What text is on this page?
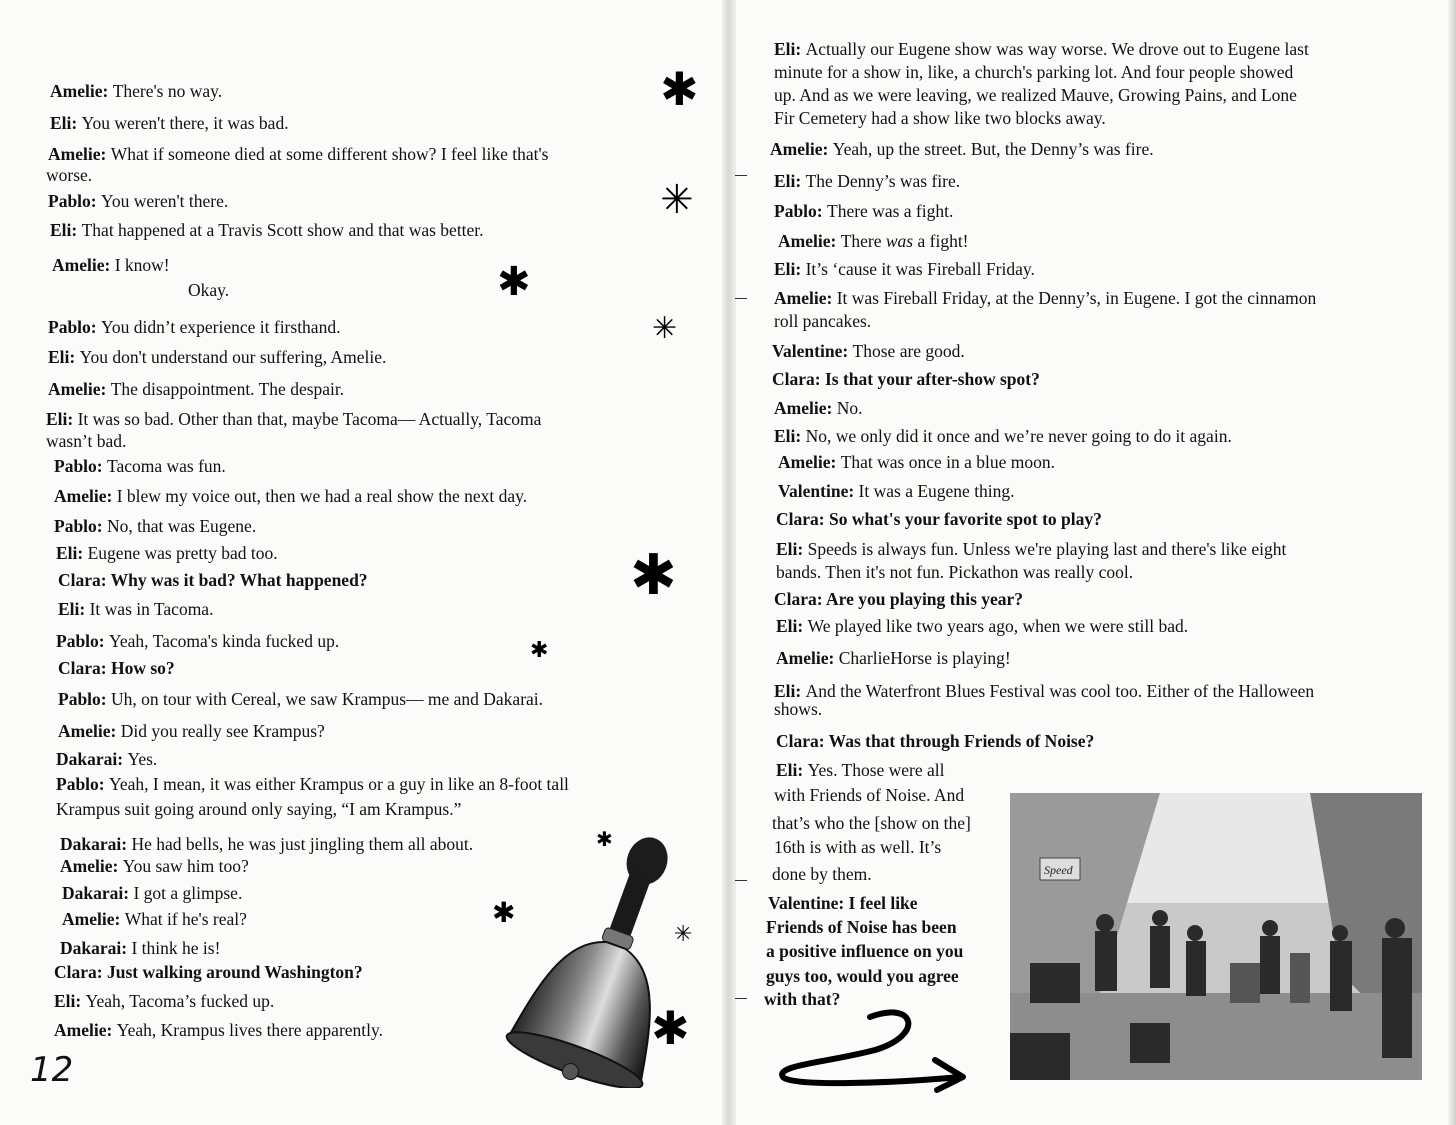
Amelie: There's no way.
Eli: You weren't there, it was bad.
Amelie: What if someone died at some different show? I feel like that's
worse.
Pablo: You weren't there.
Eli: That happened at a Travis Scott show and that was better.
Amelie: I know!
Okay.
Pablo: You didn’t experience it firsthand.
Eli: You don't understand our suffering, Amelie.
Amelie: The disappointment. The despair.
Eli: It was so bad. Other than that, maybe Tacoma— Actually, Tacoma
wasn’t bad.
Pablo: Tacoma was fun.
Amelie: I blew my voice out, then we had a real show the next day.
Pablo: No, that was Eugene.
Eli: Eugene was pretty bad too.
Clara: Why was it bad? What happened?
Eli: It was in Tacoma.
Pablo: Yeah, Tacoma's kinda fucked up.
Clara: How so?
Pablo: Uh, on tour with Cereal, we saw Krampus— me and Dakarai.
Amelie: Did you really see Krampus?
Dakarai: Yes.
Pablo: Yeah, I mean, it was either Krampus or a guy in like an 8-foot tall
Krampus suit going around only saying, “I am Krampus.”
Dakarai: He had bells, he was just jingling them all about.
Amelie: You saw him too?
Dakarai: I got a glimpse.
Amelie: What if he's real?
Dakarai: I think he is!
Clara: Just walking around Washington?
Eli: Yeah, Tacoma’s fucked up.
Amelie: Yeah, Krampus lives there apparently.
Eli: Actually our Eugene show was way worse. We drove out to Eugene last
minute for a show in, like, a church's parking lot. And four people showed
up. And as we were leaving, we realized Mauve, Growing Pains, and Lone
Fir Cemetery had a show like two blocks away.
Amelie: Yeah, up the street. But, the Denny’s was fire.
Eli: The Denny’s was fire.
Pablo: There was a fight.
Amelie: There was a fight!
Eli: It’s ‘cause it was Fireball Friday.
Amelie: It was Fireball Friday, at the Denny’s, in Eugene. I got the cinnamon
roll pancakes.
Valentine: Those are good.
Clara: Is that your after-show spot?
Amelie: No.
Eli: No, we only did it once and we’re never going to do it again.
Amelie: That was once in a blue moon.
Valentine: It was a Eugene thing.
Clara: So what's your favorite spot to play?
Eli: Speeds is always fun. Unless we're playing last and there's like eight
bands. Then it's not fun. Pickathon was really cool.
Clara: Are you playing this year?
Eli: We played like two years ago, when we were still bad.
Amelie: CharlieHorse is playing!
Eli: And the Waterfront Blues Festival was cool too. Either of the Halloween
shows.
Clara: Was that through Friends of Noise?
Eli: Yes. Those were all
with Friends of Noise. And
that’s who the [show on the]
16th is with as well. It’s
done by them.
Valentine: I feel like
Friends of Noise has been
a positive influence on you
guys too, would you agree
with that?
12
✱
✳
✱
✳
✱
✱
✱
✱
✳
✱
Speed
